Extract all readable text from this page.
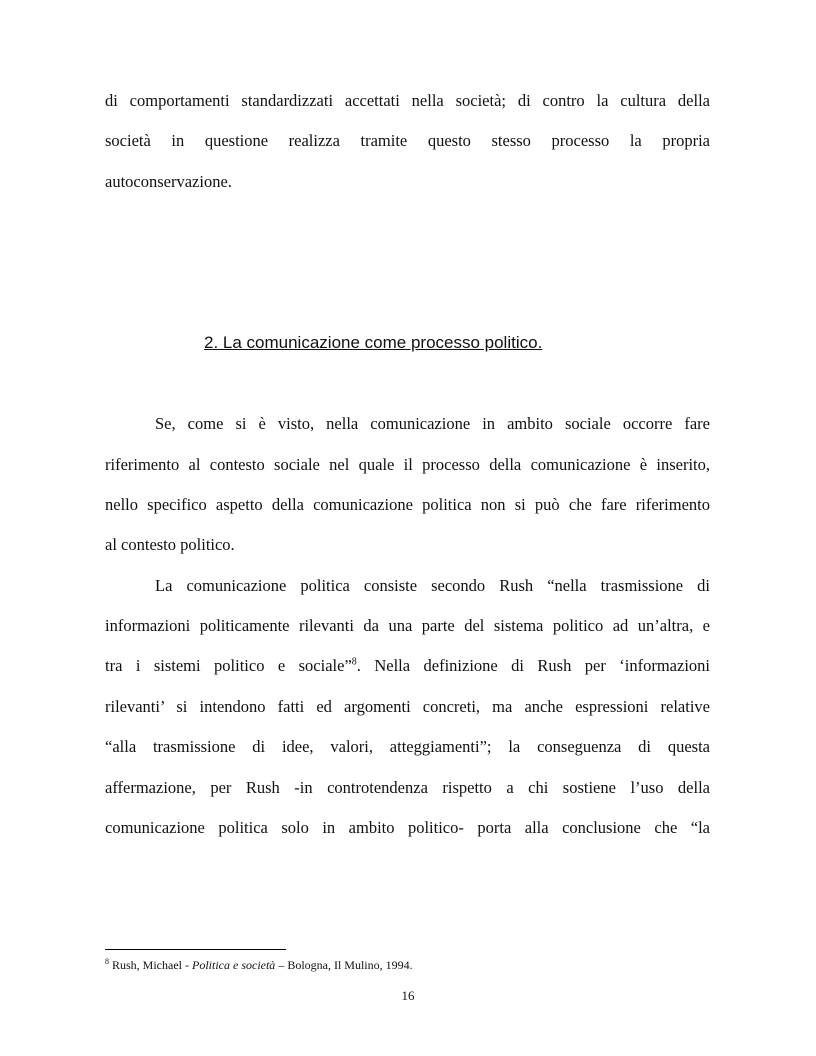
di comportamenti standardizzati accettati nella società; di contro la cultura della
società in questione realizza tramite questo stesso processo la propria
autoconservazione.
2. La comunicazione come processo politico.
Se, come si è visto, nella comunicazione in ambito sociale occorre fare
riferimento al contesto sociale nel quale il processo della comunicazione è inserito,
nello specifico aspetto della comunicazione politica non si può che fare riferimento
al contesto politico.
La comunicazione politica consiste secondo Rush “nella trasmissione di
informazioni politicamente rilevanti da una parte del sistema politico ad un’altra, e
tra i sistemi politico e sociale”$^8$. Nella definizione di Rush per ‘informazioni
rilevanti’ si intendono fatti ed argomenti concreti, ma anche espressioni relative
“alla trasmissione di idee, valori, atteggiamenti”; la conseguenza di questa
affermazione, per Rush -in controtendenza rispetto a chi sostiene l’uso della
comunicazione politica solo in ambito politico- porta alla conclusione che “la
$^8$ Rush, Michael - Politica e società – Bologna, Il Mulino, 1994.
16
